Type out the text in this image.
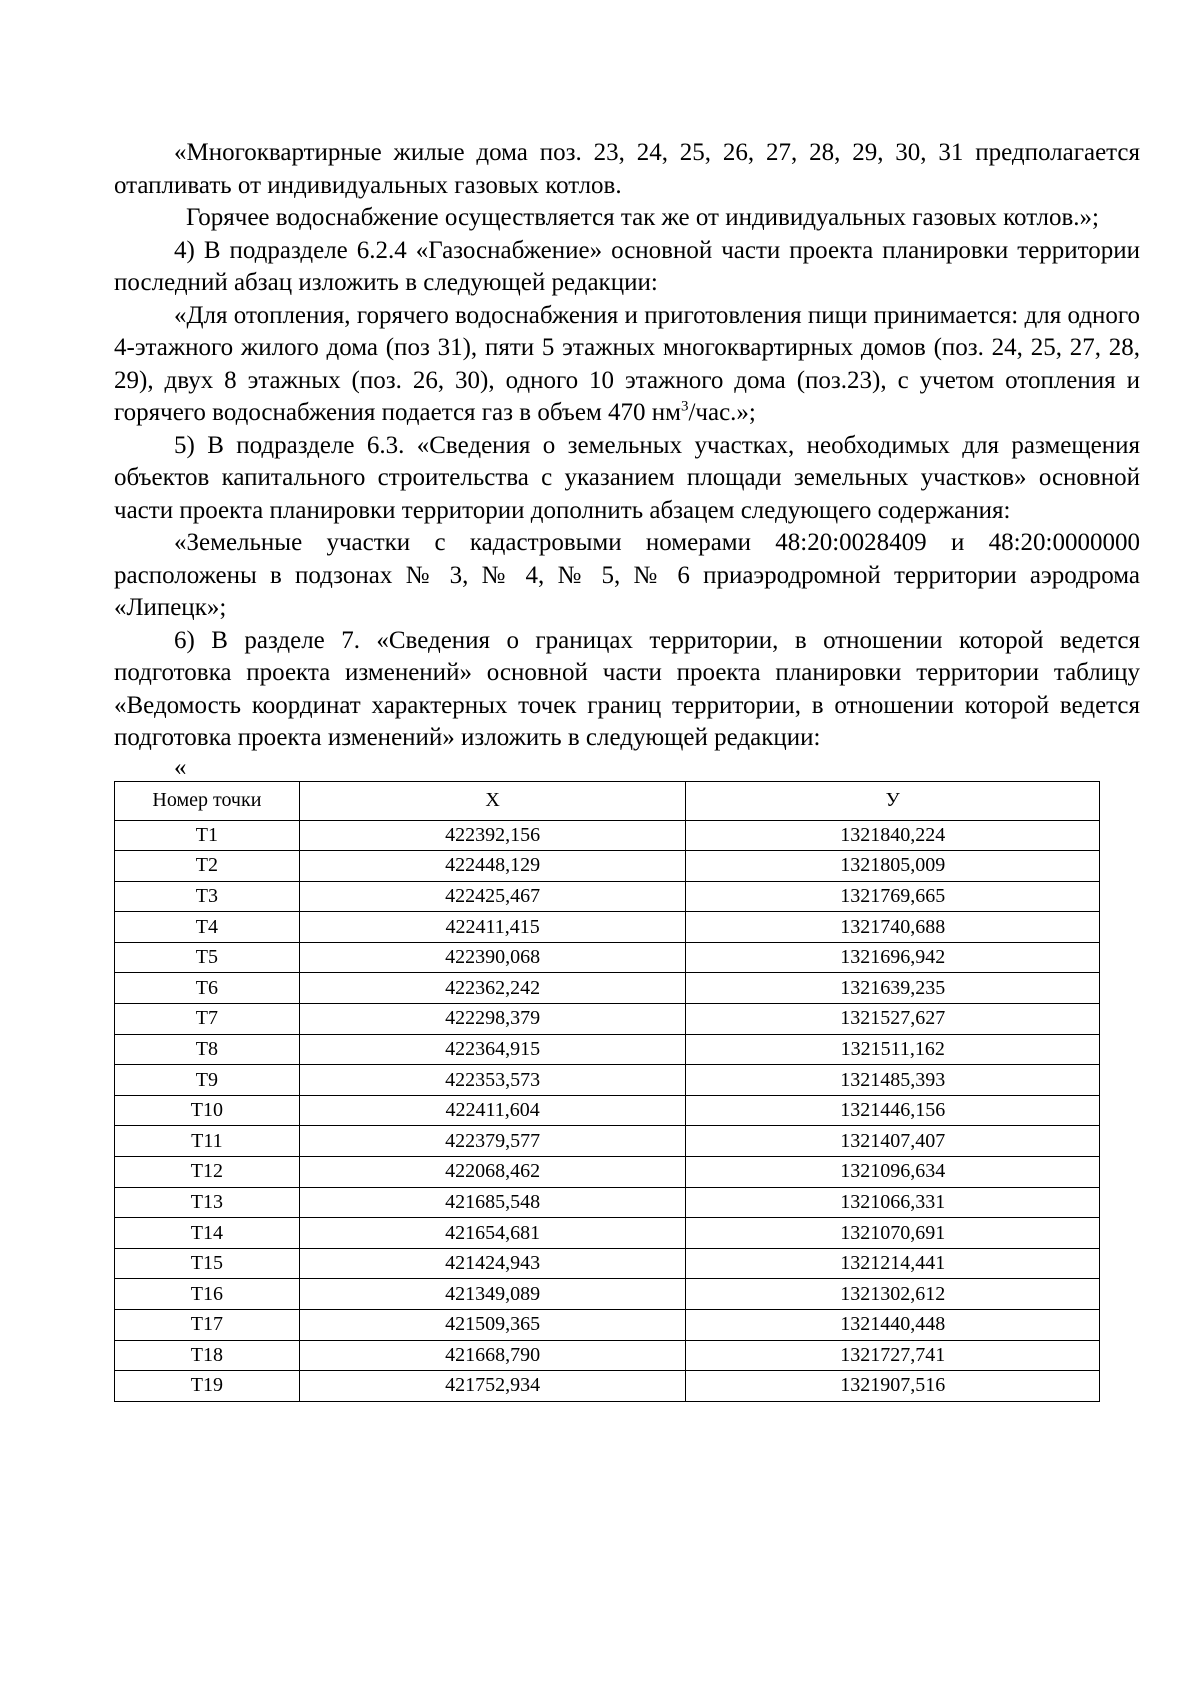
«Многоквартирные жилые дома поз. 23, 24, 25, 26, 27, 28, 29, 30, 31 предполагается отапливать от индивидуальных газовых котлов.

Горячее водоснабжение осуществляется так же от индивидуальных газовых котлов.»;

4) В подразделе 6.2.4 «Газоснабжение» основной части проекта планировки территории последний абзац изложить в следующей редакции:

«Для отопления, горячего водоснабжения и приготовления пищи принимается: для одного 4-этажного жилого дома (поз 31), пяти 5 этажных многоквартирных домов (поз. 24, 25, 27, 28, 29), двух 8 этажных (поз. 26, 30), одного 10 этажного дома (поз.23), с учетом отопления и горячего водоснабжения подается газ в объем 470 $нм^3$/час.»;

5) В подразделе 6.3. «Сведения о земельных участках, необходимых для размещения объектов капитального строительства с указанием площади земельных участков» основной части проекта планировки территории дополнить абзацем следующего содержания:

«Земельные участки с кадастровыми номерами 48:20:0028409 и 48:20:0000000 расположены в подзонах № 3, № 4, № 5, № 6 приаэродромной территории аэродрома «Липецк»;

6) В разделе 7. «Сведения о границах территории, в отношении которой ведется подготовка проекта изменений» основной части проекта планировки территории таблицу «Ведомость координат характерных точек границ территории, в отношении которой ведется подготовка проекта изменений» изложить в следующей редакции:

«

Номер точки	Х	У
Т1	422392,156	1321840,224
Т2	422448,129	1321805,009
Т3	422425,467	1321769,665
Т4	422411,415	1321740,688
Т5	422390,068	1321696,942
Т6	422362,242	1321639,235
Т7	422298,379	1321527,627
Т8	422364,915	1321511,162
Т9	422353,573	1321485,393
Т10	422411,604	1321446,156
Т11	422379,577	1321407,407
Т12	422068,462	1321096,634
Т13	421685,548	1321066,331
Т14	421654,681	1321070,691
Т15	421424,943	1321214,441
Т16	421349,089	1321302,612
Т17	421509,365	1321440,448
Т18	421668,790	1321727,741
Т19	421752,934	1321907,516
